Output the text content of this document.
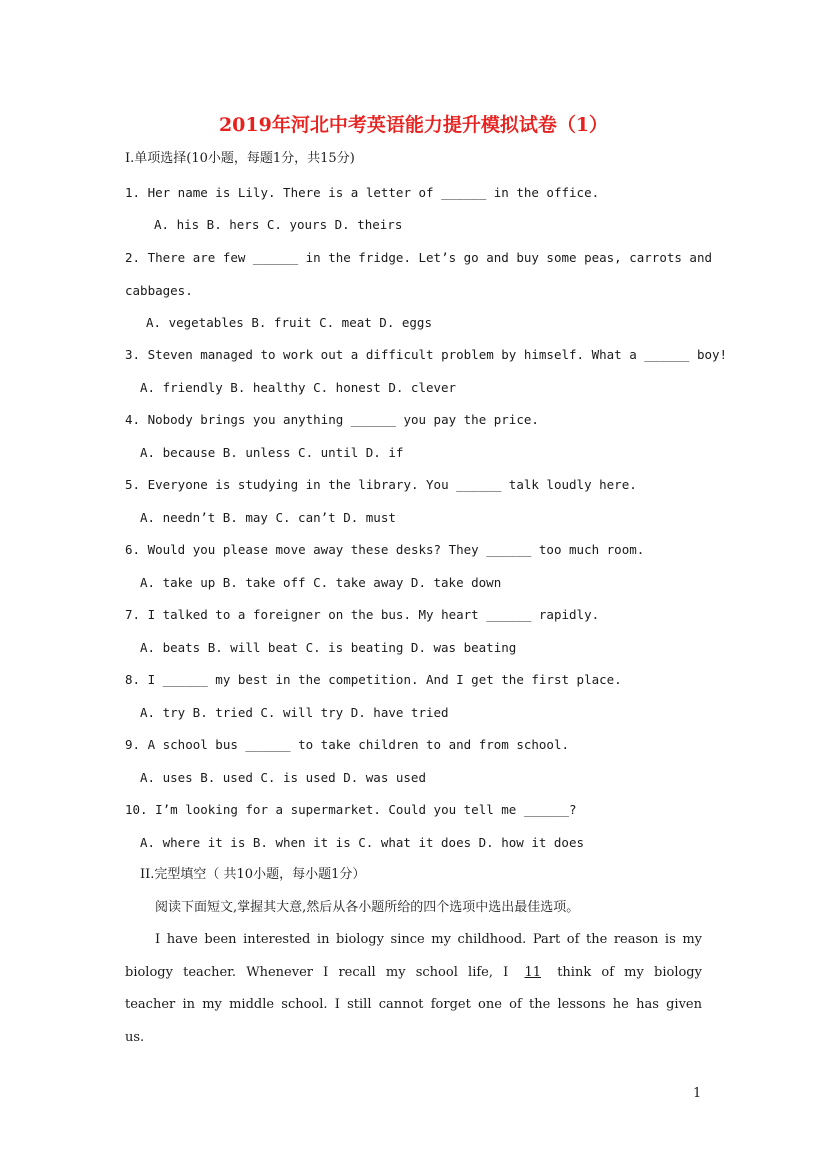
2019年河北中考英语能力提升模拟试卷（1）
Ⅰ.单项选择(10小题，每题1分，共15分)
1. Her name is Lily. There is a letter of ______ in the office.
A. his B. hers C. yours D. theirs
2. There are few ______ in the fridge. Let’s go and buy some peas, carrots and
cabbages.
A. vegetables B. fruit C. meat D. eggs
3. Steven managed to work out a difficult problem by himself. What a ______ boy!
A. friendly B. healthy C. honest D. clever
4. Nobody brings you anything ______ you pay the price.
A. because B. unless C. until D. if
5. Everyone is studying in the library. You ______ talk loudly here.
A. needn’t B. may C. can’t D. must
6. Would you please move away these desks? They ______ too much room.
A. take up B. take off C. take away D. take down
7. I talked to a foreigner on the bus. My heart ______ rapidly.
A. beats B. will beat C. is beating D. was beating
8. I ______ my best in the competition. And I get the first place.
A. try B. tried C. will try D. have tried
9. A school bus ______ to take children to and from school.
A. uses B. used C. is used D. was used
10. I’m looking for a supermarket. Could you tell me ______?
A. where it is B. when it is C. what it does D. how it does
II.完型填空（ 共10小题，每小题1分）
阅读下面短文,掌握其大意,然后从各小题所给的四个选项中选出最佳选项。
I have been interested in biology since my childhood. Part of the reason is my
biology teacher. Whenever I recall my school life, I 11 think of my biology
teacher in my middle school. I still cannot forget one of the lessons he has given
us.
1
